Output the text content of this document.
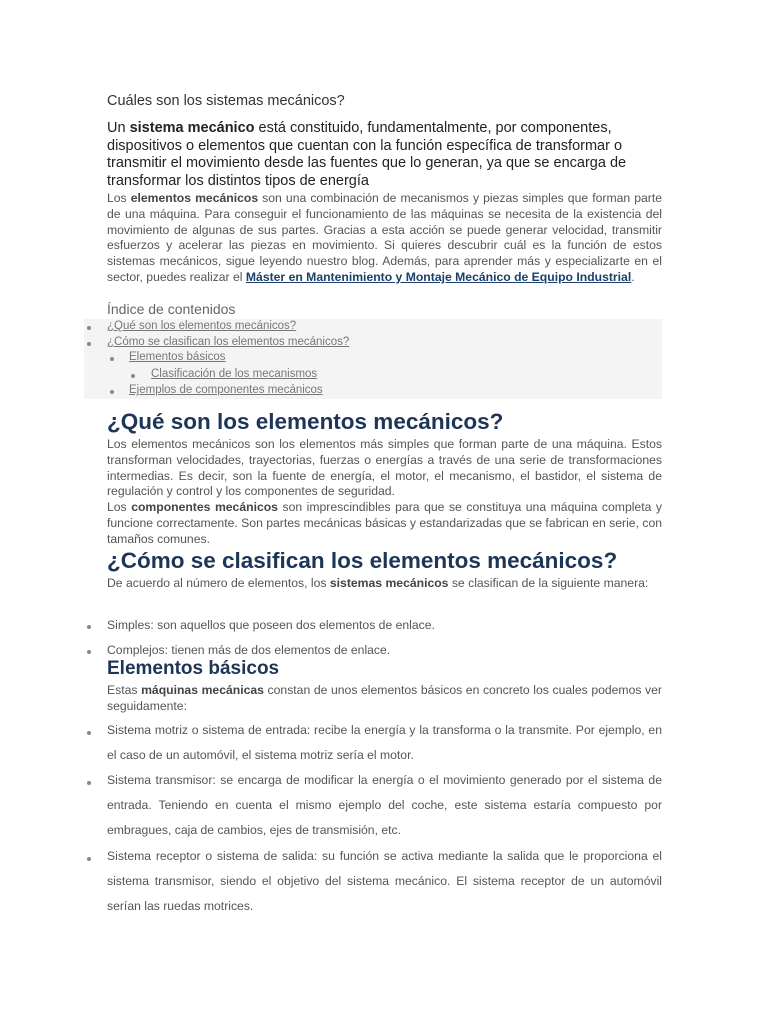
Cuáles son los sistemas mecánicos?

Un sistema mecánico está constituido, fundamentalmente, por componentes, dispositivos o elementos que cuentan con la función específica de transformar o transmitir el movimiento desde las fuentes que lo generan, ya que se encarga de transformar los distintos tipos de energía

Los elementos mecánicos son una combinación de mecanismos y piezas simples que forman parte de una máquina. Para conseguir el funcionamiento de las máquinas se necesita de la existencia del movimiento de algunas de sus partes. Gracias a esta acción se puede generar velocidad, transmitir esfuerzos y acelerar las piezas en movimiento. Si quieres descubrir cuál es la función de estos sistemas mecánicos, sigue leyendo nuestro blog. Además, para aprender más y especializarte en el sector, puedes realizar el Máster en Mantenimiento y Montaje Mecánico de Equipo Industrial.

Índice de contenidos

¿Qué son los elementos mecánicos?
¿Cómo se clasifican los elementos mecánicos?
Elementos básicos
Clasificación de los mecanismos
Ejemplos de componentes mecánicos
¿Qué son los elementos mecánicos?

Los elementos mecánicos son los elementos más simples que forman parte de una máquina. Estos transforman velocidades, trayectorias, fuerzas o energías a través de una serie de transformaciones intermedias. Es decir, son la fuente de energía, el motor, el mecanismo, el bastidor, el sistema de regulación y control y los componentes de seguridad.

Los componentes mecánicos son imprescindibles para que se constituya una máquina completa y funcione correctamente. Son partes mecánicas básicas y estandarizadas que se fabrican en serie, con tamaños comunes.

¿Cómo se clasifican los elementos mecánicos?

De acuerdo al número de elementos, los sistemas mecánicos se clasifican de la siguiente manera:

Simples: son aquellos que poseen dos elementos de enlace.
Complejos: tienen más de dos elementos de enlace.
Elementos básicos

Estas máquinas mecánicas constan de unos elementos básicos en concreto los cuales podemos ver seguidamente:

Sistema motriz o sistema de entrada: recibe la energía y la transforma o la transmite. Por ejemplo, en el caso de un automóvil, el sistema motriz sería el motor.
Sistema transmisor: se encarga de modificar la energía o el movimiento generado por el sistema de entrada. Teniendo en cuenta el mismo ejemplo del coche, este sistema estaría compuesto por embragues, caja de cambios, ejes de transmisión, etc.
Sistema receptor o sistema de salida: su función se activa mediante la salida que le proporciona el sistema transmisor, siendo el objetivo del sistema mecánico. El sistema receptor de un automóvil serían las ruedas motrices.
